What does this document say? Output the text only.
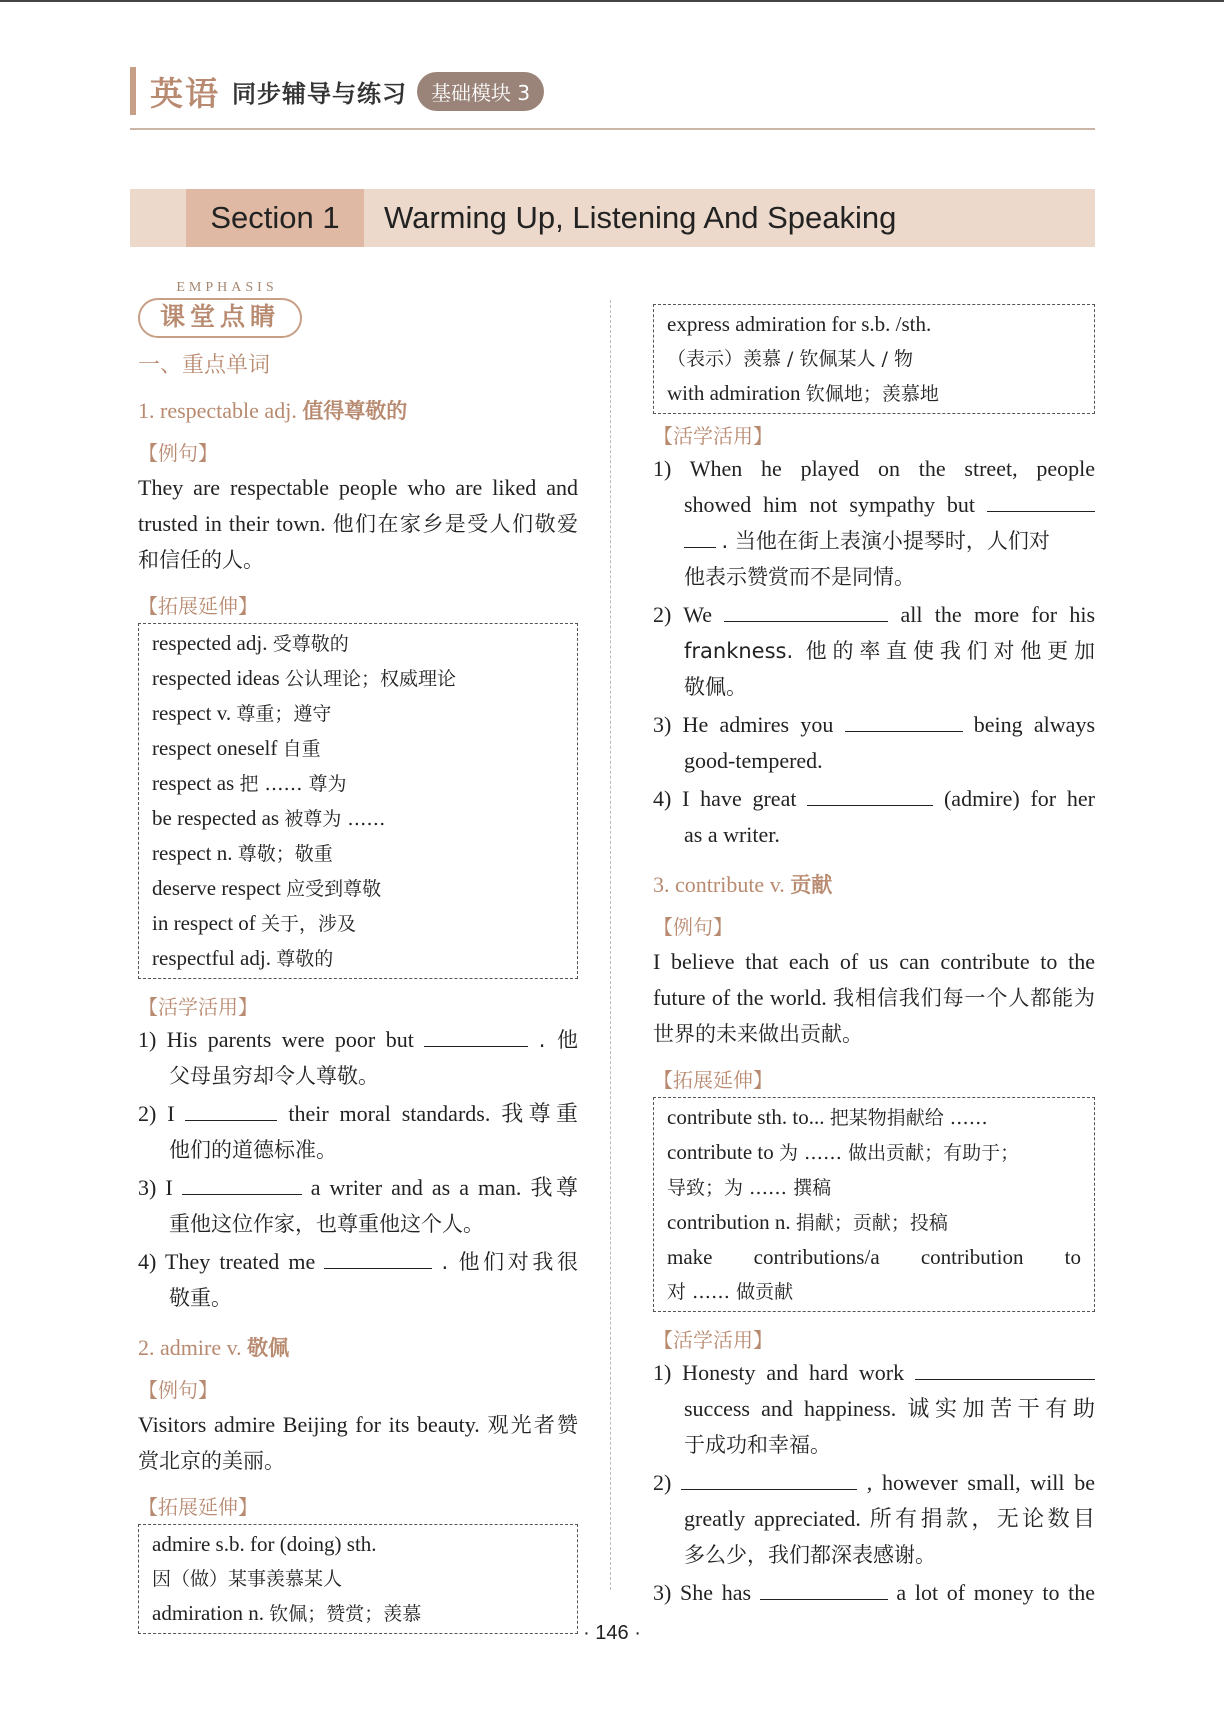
英语 同步辅导与练习	基础模块 3
Section 1	Warming Up, Listening And Speaking
EMPHASIS
课堂点睛
一、重点单词
1. respectable adj. 值得尊敬的
【例句】
They are respectable people who are liked and trusted in their town. 他们在家乡是受人们敬爱和信任的人。
【拓展延伸】
respected adj. 受尊敬的
respected ideas 公认理论；权威理论
respect v. 尊重；遵守
respect oneself 自重
respect as 把 …… 尊为
be respected as 被尊为 ……
respect n. 尊敬；敬重
deserve respect 应受到尊敬
in respect of 关于，涉及
respectful adj. 尊敬的
【活学活用】
1) His parents were poor but	. 他
父母虽穷却令人尊敬。
2) I	their moral standards. 我尊重
他们的道德标准。
3) I	a writer and as a man. 我尊
重他这位作家，也尊重他这个人。
4) They treated me	. 他们对我很
敬重。
2. admire v. 敬佩
【例句】
Visitors admire Beijing for its beauty. 观光者赞赏北京的美丽。
【拓展延伸】
admire s.b. for (doing) sth.
因（做）某事羡慕某人
admiration n. 钦佩；赞赏；羡慕
express admiration for s.b. /sth.
（表示）羡慕 / 钦佩某人 / 物
with admiration 钦佩地；羡慕地
【活学活用】
1) When he played on the street, people
showed him not sympathy but
. 当他在街上表演小提琴时，人们对
他表示赞赏而不是同情。
2) We	all the more for his
frankness. 他的率直使我们对他更加
敬佩。
3) He admires you	being always
good-tempered.
4) I have great	(admire) for her
as a writer.
3. contribute v. 贡献
【例句】
I believe that each of us can contribute to the future of the world. 我相信我们每一个人都能为世界的未来做出贡献。
【拓展延伸】
contribute sth. to... 把某物捐献给 ……
contribute to 为 …… 做出贡献；有助于；
导致；为 …… 撰稿
contribution n. 捐献；贡献；投稿
make contributions/a contribution to
对 …… 做贡献
【活学活用】
1) Honesty and hard work
success and happiness. 诚实加苦干有助
于成功和幸福。
2)	, however small, will be
greatly appreciated. 所有捐款，无论数目
多么少，我们都深表感谢。
3) She has	a lot of money to the
· 146 ·
